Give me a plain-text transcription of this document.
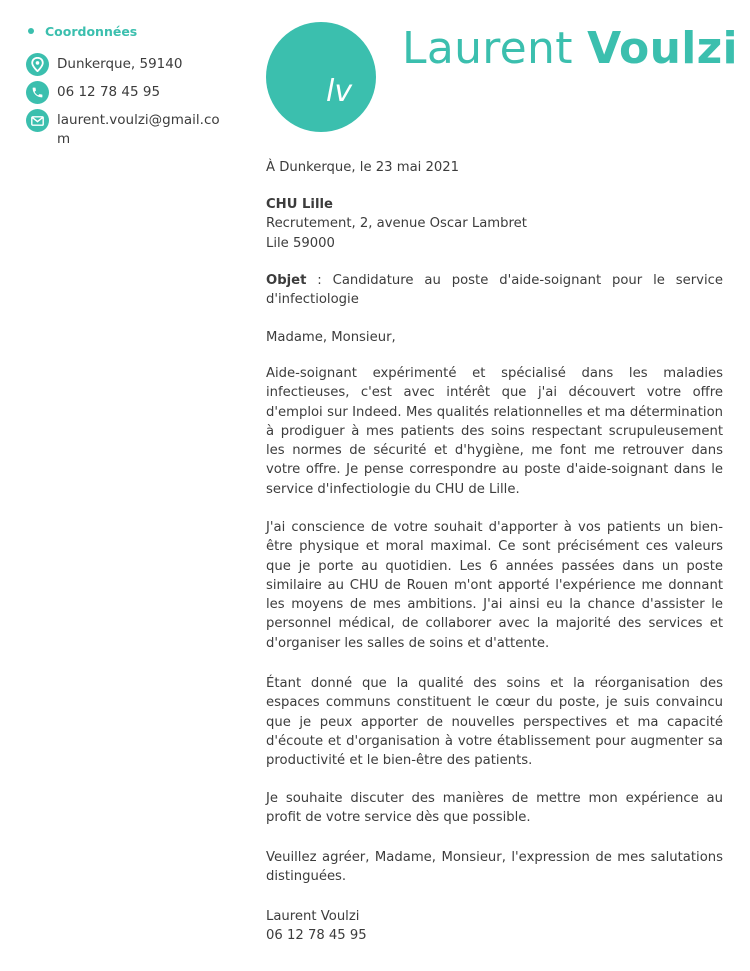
Coordonnées
Dunkerque, 59140
06 12 78 45 95
laurent.voulzi@gmail.com
lv
Laurent Voulzi

À Dunkerque, le 23 mai 2021

CHU Lille

Recrutement, 2, avenue Oscar Lambret

Lile 59000

Objet : Candidature au poste d'aide-soignant pour le service d'infectiologie

Madame, Monsieur,

Aide-soignant expérimenté et spécialisé dans les maladies infectieuses, c'est avec intérêt que j'ai découvert votre offre d'emploi sur Indeed. Mes qualités relationnelles et ma détermination à prodiguer à mes patients des soins respectant scrupuleusement les normes de sécurité et d'hygiène, me font me retrouver dans votre offre. Je pense correspondre au poste d'aide-soignant dans le service d'infectiologie du CHU de Lille.

J'ai conscience de votre souhait d'apporter à vos patients un bien-être physique et moral maximal. Ce sont précisément ces valeurs que je porte au quotidien. Les 6 années passées dans un poste similaire au CHU de Rouen m'ont apporté l'expérience me donnant les moyens de mes ambitions. J'ai ainsi eu la chance d'assister le personnel médical, de collaborer avec la majorité des services et d'organiser les salles de soins et d'attente.

Étant donné que la qualité des soins et la réorganisation des espaces communs constituent le cœur du poste, je suis convaincu que je peux apporter de nouvelles perspectives et ma capacité d'écoute et d'organisation à votre établissement pour augmenter sa productivité et le bien-être des patients.

Je souhaite discuter des manières de mettre mon expérience au profit de votre service dès que possible.

Veuillez agréer, Madame, Monsieur, l'expression de mes salutations distinguées.

Laurent Voulzi

06 12 78 45 95
